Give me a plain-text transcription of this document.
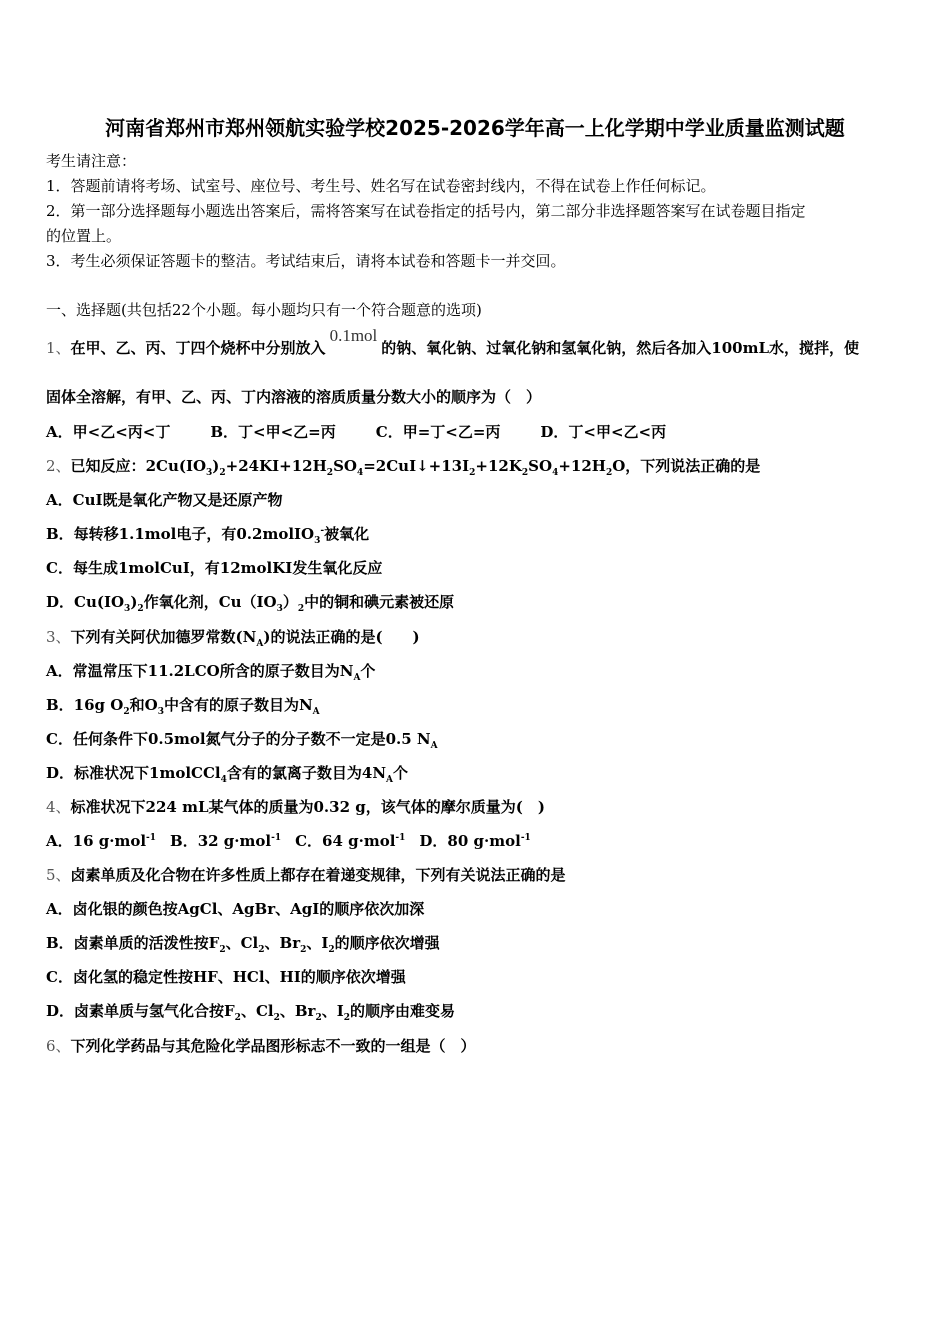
河南省郑州市郑州领航实验学校2025-2026学年高一上化学期中学业质量监测试题
考生请注意：
1．答题前请将考场、试室号、座位号、考生号、姓名写在试卷密封线内，不得在试卷上作任何标记。
2．第一部分选择题每小题选出答案后，需将答案写在试卷指定的括号内，第二部分非选择题答案写在试卷题目指定
的位置上。
3．考生必须保证答题卡的整洁。考试结束后，请将本试卷和答题卡一并交回。
一、选择题(共包括22个小题。每小题均只有一个符合题意的选项)
1、在甲、乙、丙、丁四个烧杯中分别放入0.1mol的钠、氧化钠、过氧化钠和氢氧化钠，然后各加入100mL水，搅拌，使
固体全溶解，有甲、乙、丙、丁内溶液的溶质质量分数大小的顺序为（　）
A．甲<乙<丙<丁	B．丁<甲<乙=丙	C．甲=丁<乙=丙	D．丁<甲<乙<丙
2、已知反应：$2Cu(IO_3)_2+24KI+12H_2SO_4=2CuI↓+13I_2+12K_2SO_4+12H_2O$，下列说法正确的是
A．CuI既是氧化产物又是还原产物
B．每转移1.1mol电子，有0.2molIO$_3$-被氧化
C．每生成1molCuI，有12molKI发生氧化反应
D．$Cu(IO_3)_2$作氧化剂，$Cu(IO_3)_2$中的铜和碘元素被还原
3、下列有关阿伏加德罗常数$(N_A)$的说法正确的是(　　)
A．常温常压下11.2LCO所含的原子数目为$N_A$个
B．16g $O_2$和$O_3$中含有的原子数目为$N_A$
C．任何条件下0.5mol氮气分子的分子数不一定是0.5 $N_A$
D．标准状况下1molCCl$_4$含有的氯离子数目为$4N_A$个
4、标准状况下224 mL某气体的质量为0.32 g，该气体的摩尔质量为(　)
A．16 g·mol$^{-1}$ B．32 g·mol$^{-1}$ C．64 g·mol$^{-1}$ D．80 g·mol$^{-1}$
5、卤素单质及化合物在许多性质上都存在着递变规律，下列有关说法正确的是
A．卤化银的颜色按AgCl、AgBr、AgI的顺序依次加深
B．卤素单质的活泼性按$F_2$、$Cl_2$、$Br_2$、$I_2$的顺序依次增强
C．卤化氢的稳定性按HF、HCl、HI的顺序依次增强
D．卤素单质与氢气化合按$F_2$、$Cl_2$、$Br_2$、$I_2$的顺序由难变易
6、下列化学药品与其危险化学品图形标志不一致的一组是（　）
